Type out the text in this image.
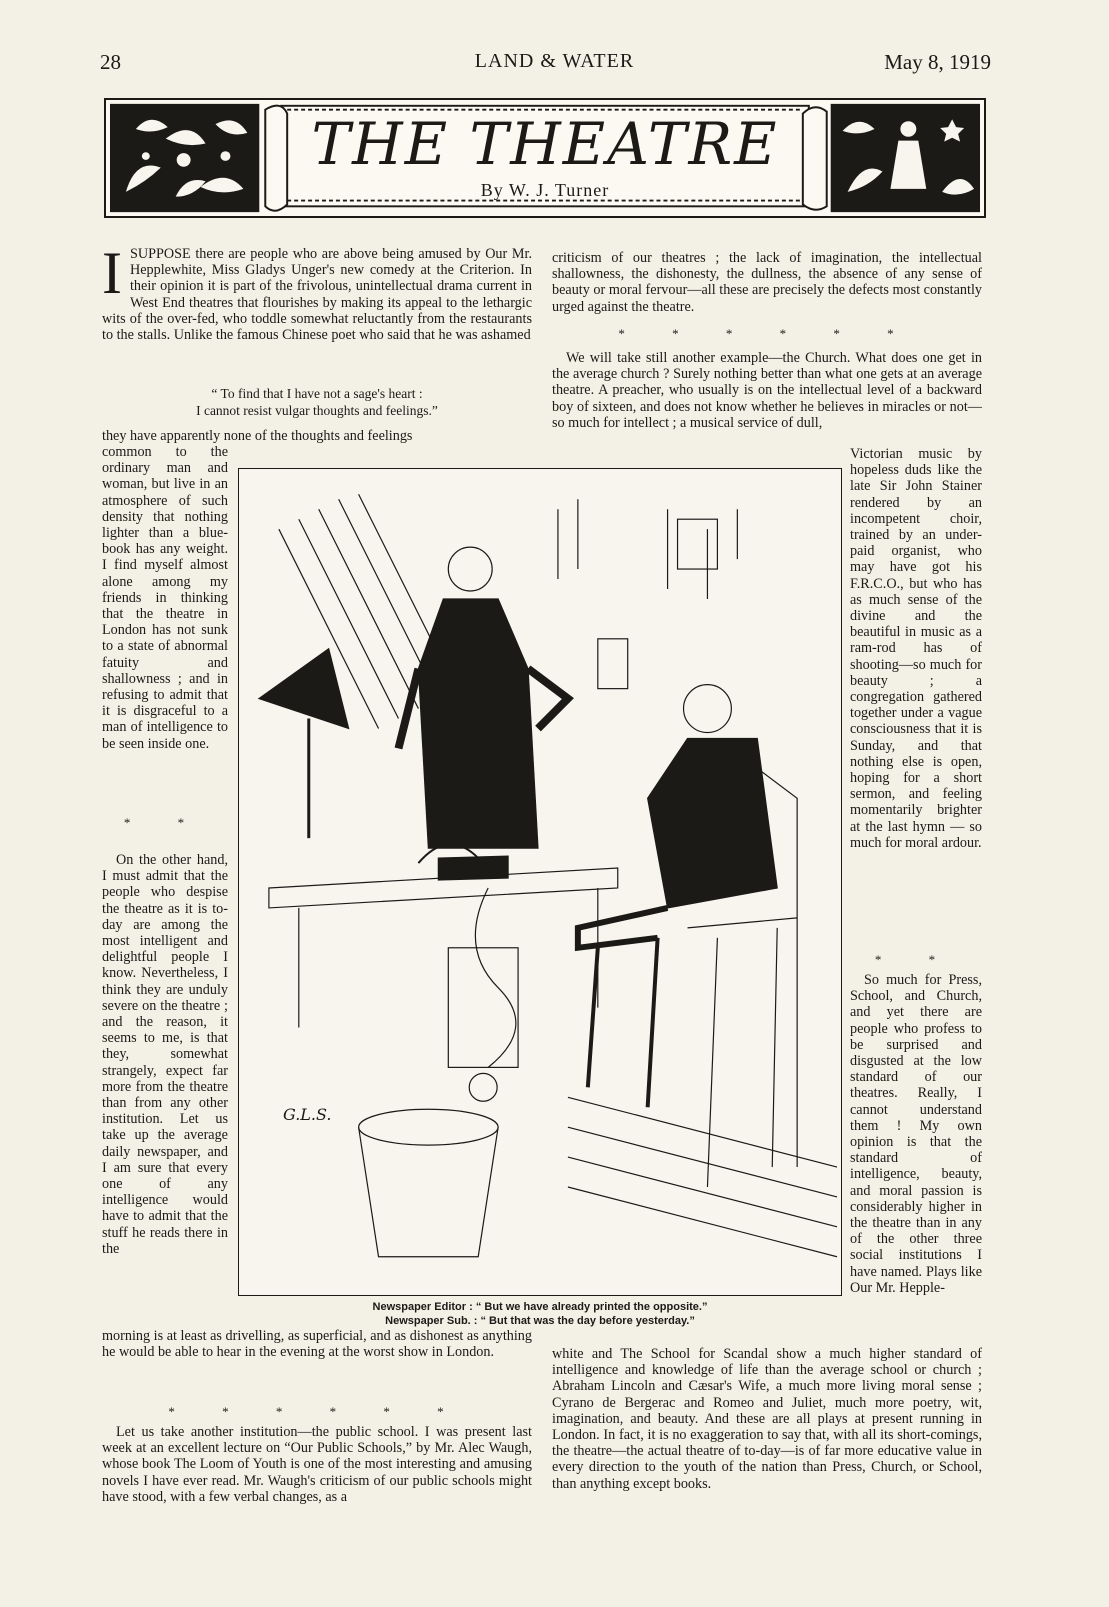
28	LAND & WATER	May 8, 1919
THE THEATRE
By W. J. Turner
ISUPPOSE there are people who are above being amused by Our Mr. Hepplewhite, Miss Gladys Unger's new comedy at the Criterion. In their opinion it is part of the frivolous, unintellectual drama current in West End theatres that flourishes by making its appeal to the lethargic wits of the over-fed, who toddle somewhat reluctantly from the restaurants to the stalls. Unlike the famous Chinese poet who said that he was ashamed
“ To find that I have not a sage's heart :
I cannot resist vulgar thoughts and feelings.”
they have apparently none of the thoughts and feelings
common to the ordinary man and woman, but live in an atmosphere of such density that nothing lighter than a blue-book has any weight. I find myself almost alone among my friends in thinking that the theatre in London has not sunk to a state of abnormal fatuity and shallowness ; and in refusing to admit that it is disgraceful to a man of intelligence to be seen inside one.
* *
On the other hand, I must admit that the people who despise the theatre as it is to-day are among the most intelligent and delightful people I know. Nevertheless, I think they are unduly severe on the theatre ; and the reason, it seems to me, is that they, somewhat strangely, expect far more from the theatre than from any other institution. Let us take up the average daily newspaper, and I am sure that every one of any intelligence would have to admit that the stuff he reads there in the
morning is at least as drivelling, as superficial, and as dishonest as anything he would be able to hear in the evening at the worst show in London.
* * * * * *
Let us take another institution—the public school. I was present last week at an excellent lecture on “Our Public Schools,” by Mr. Alec Waugh, whose book The Loom of Youth is one of the most interesting and amusing novels I have ever read. Mr. Waugh's criticism of our public schools might have stood, with a few verbal changes, as a
criticism of our theatres ; the lack of imagination, the intellectual shallowness, the dishonesty, the dullness, the absence of any sense of beauty or moral fervour—all these are precisely the defects most constantly urged against the theatre.
* * * * * *
We will take still another example—the Church. What does one get in the average church ? Surely nothing better than what one gets at an average theatre. A preacher, who usually is on the intellectual level of a backward boy of sixteen, and does not know whether he believes in miracles or not—so much for intellect ; a musical service of dull,
Victorian music by hopeless duds like the late Sir John Stainer rendered by an incompetent choir, trained by an under-paid organist, who may have got his F.R.C.O., but who has as much sense of the divine and the beautiful in music as a ram-rod has of shooting—so much for beauty ; a congregation gathered together under a vague consciousness that it is Sunday, and that nothing else is open, hoping for a short sermon, and feeling momentarily brighter at the last hymn — so much for moral ardour.
* *
So much for Press, School, and Church, and yet there are people who profess to be surprised and disgusted at the low standard of our theatres. Really, I cannot understand them ! My own opinion is that the standard of intelligence, beauty, and moral passion is considerably higher in the theatre than in any of the other three social institutions I have named. Plays like Our Mr. Hepple-
white and The School for Scandal show a much higher standard of intelligence and knowledge of life than the average school or church ; Abraham Lincoln and Cæsar's Wife, a much more living moral sense ; Cyrano de Bergerac and Romeo and Juliet, much more poetry, wit, imagination, and beauty. And these are all plays at present running in London. In fact, it is no exaggeration to say that, with all its short-comings, the theatre—the actual theatre of to-day—is of far more educative value in every direction to the youth of the nation than Press, Church, or School, than anything except books.
G.L.S.
Newspaper Editor : “ But we have already printed the opposite.”
Newspaper Sub. : “ But that was the day before yesterday.”
